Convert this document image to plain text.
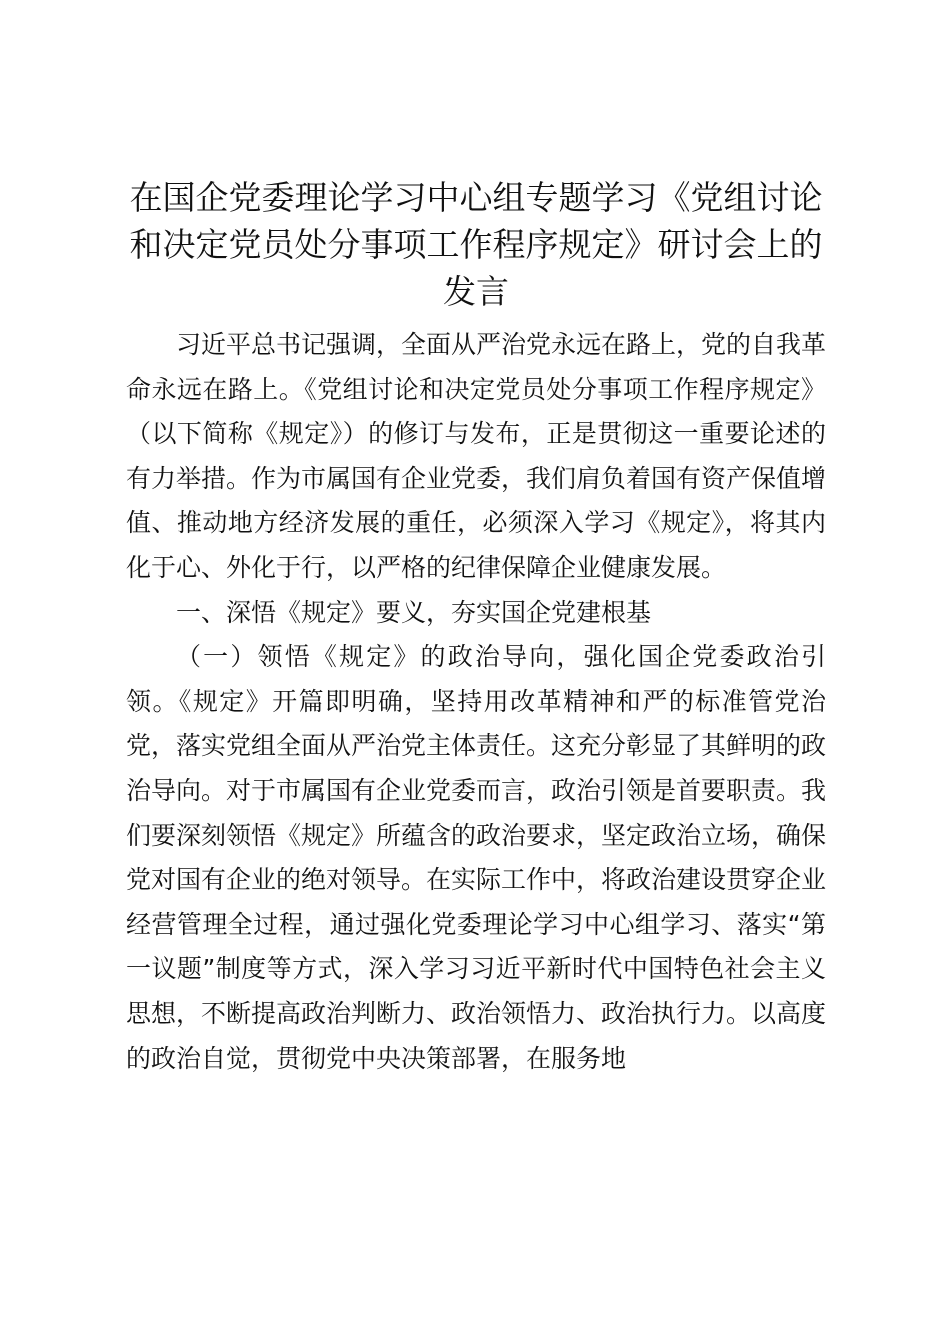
在国企党委理论学习中心组专题学习《党组讨论和决定党员处分事项工作程序规定》研讨会上的发言

习近平总书记强调，全面从严治党永远在路上，党的自我革命永远在路上。《党组讨论和决定党员处分事项工作程序规定》（以下简称《规定》）的修订与发布，正是贯彻这一重要论述的有力举措。作为市属国有企业党委，我们肩负着国有资产保值增值、推动地方经济发展的重任，必须深入学习《规定》，将其内化于心、外化于行，以严格的纪律保障企业健康发展。

一、深悟《规定》要义，夯实国企党建根基

（一）领悟《规定》的政治导向，强化国企党委政治引领。《规定》开篇即明确，坚持用改革精神和严的标准管党治党，落实党组全面从严治党主体责任。这充分彰显了其鲜明的政治导向。对于市属国有企业党委而言，政治引领是首要职责。我们要深刻领悟《规定》所蕴含的政治要求，坚定政治立场，确保党对国有企业的绝对领导。在实际工作中，将政治建设贯穿企业经营管理全过程，通过强化党委理论学习中心组学习、落实“第一议题”制度等方式，深入学习习近平新时代中国特色社会主义思想，不断提高政治判断力、政治领悟力、政治执行力。以高度的政治自觉，贯彻党中央决策部署，在服务地
